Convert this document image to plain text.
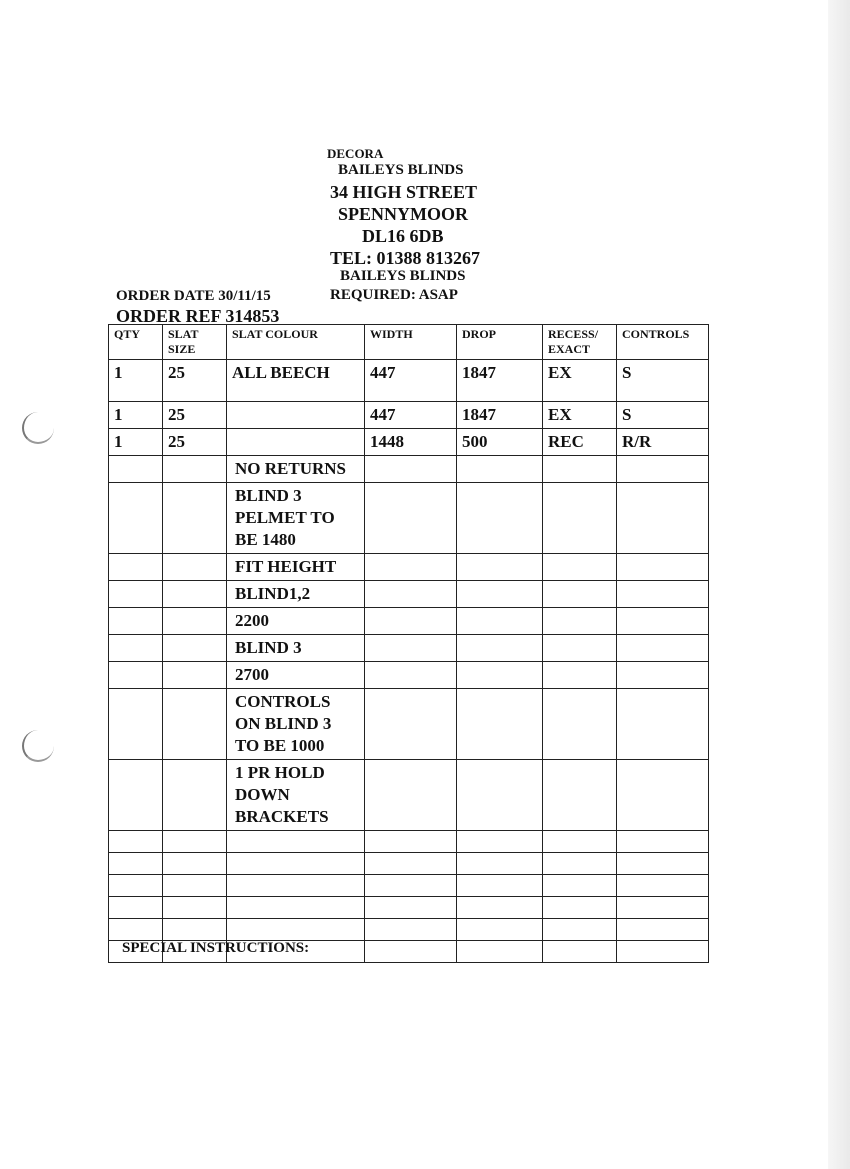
DECORA
BAILEYS BLINDS
34 HIGH STREET
SPENNYMOOR
DL16 6DB
TEL: 01388 813267
BAILEYS BLINDS
ORDER DATE 30/11/15	REQUIRED: ASAP
ORDER REF 314853
QTY	SLAT SIZE	SLAT COLOUR	WIDTH	DROP	RECESS/ EXACT	CONTROLS
1	25	ALL BEECH	447	1847	EX	S
1	25		447	1847	EX	S
1	25		1448	500	REC	R/R
		NO RETURNS				
		BLIND 3
PELMET TO
BE 1480				
		FIT HEIGHT				
		BLIND1,2				
		2200				
		BLIND 3				
		2700				
		CONTROLS
ON BLIND 3
TO BE 1000				
		1 PR HOLD
DOWN
BRACKETS				

SPECIAL INSTRUCTIONS:
